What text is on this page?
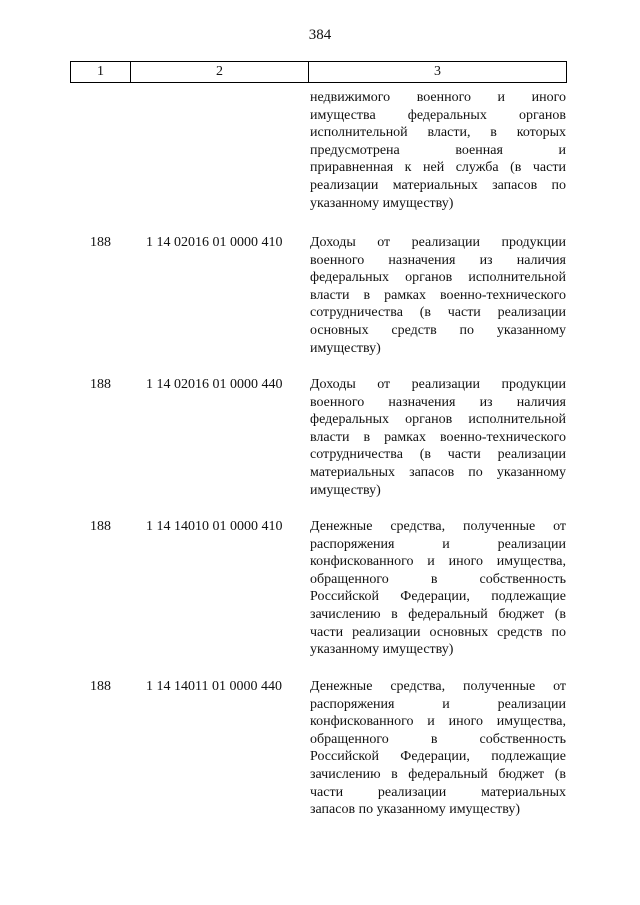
384
1	2	3
недвижимого военного и иного
имущества федеральных органов
исполнительной власти, в которых
предусмотрена	военная	и
приравненная к ней служба (в части
реализации материальных запасов по
указанному имуществу)
188	1 14 02016 01 0000 410 Доходы от реализации продукции
военного назначения из наличия
федеральных органов исполнительной
власти в рамках военно-технического
сотрудничества (в части реализации
основных средств по указанному
имуществу)
188	1 14 02016 01 0000 440 Доходы от реализации продукции
военного назначения из наличия
федеральных органов исполнительной
власти в рамках военно-технического
сотрудничества (в части реализации
материальных запасов по указанному
имуществу)
188	1 14 14010 01 0000 410 Денежные средства, полученные от
распоряжения	и	реализации
конфискованного и иного имущества,
обращенного	в	собственность
Российской Федерации, подлежащие
зачислению в федеральный бюджет (в
части реализации основных средств по
указанному имуществу)
188	1 14 14011 01 0000 440 Денежные средства, полученные от
распоряжения	и	реализации
конфискованного и иного имущества,
обращенного	в	собственность
Российской Федерации, подлежащие
зачислению в федеральный бюджет (в
части реализации материальных
запасов по указанному имуществу)
